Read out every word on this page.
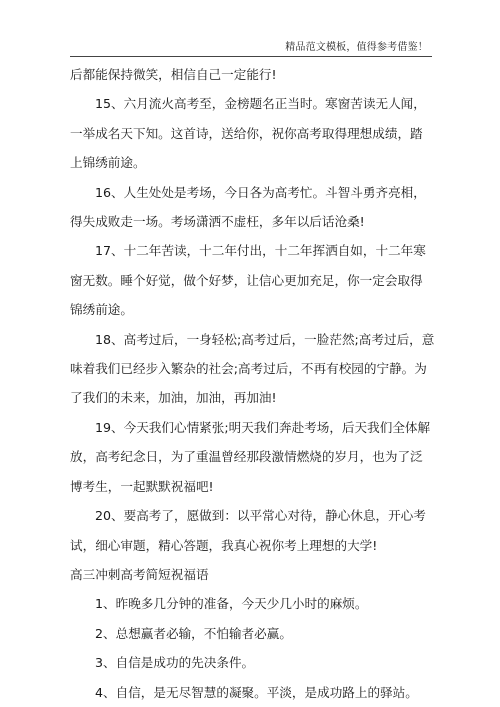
精品范文模板，值得参考借鉴！
后都能保持微笑，相信自己一定能行!
15、六月流火高考至，金榜题名正当时。寒窗苦读无人闻，
一举成名天下知。这首诗，送给你，祝你高考取得理想成绩，踏
上锦绣前途。
16、人生处处是考场，今日各为高考忙。斗智斗勇齐亮相，
得失成败走一场。考场潇洒不虚枉，多年以后话沧桑!
17、十二年苦读，十二年付出，十二年挥洒自如，十二年寒
窗无数。睡个好觉，做个好梦，让信心更加充足，你一定会取得
锦绣前途。
18、高考过后，一身轻松;高考过后，一脸茫然;高考过后，意
味着我们已经步入繁杂的社会;高考过后，不再有校园的宁静。为
了我们的未来，加油，加油，再加油!
19、今天我们心情紧张;明天我们奔赴考场，后天我们全体解
放，高考纪念日，为了重温曾经那段激情燃烧的岁月，也为了泛
博考生，一起默默祝福吧!
20、要高考了，愿做到：以平常心对待，静心休息，开心考
试，细心审题，精心答题，我真心祝你考上理想的大学!
高三冲刺高考简短祝福语
1、昨晚多几分钟的准备，今天少几小时的麻烦。
2、总想赢者必输，不怕输者必赢。
3、自信是成功的先决条件。
4、自信，是无尽智慧的凝聚。平淡，是成功路上的驿站。
